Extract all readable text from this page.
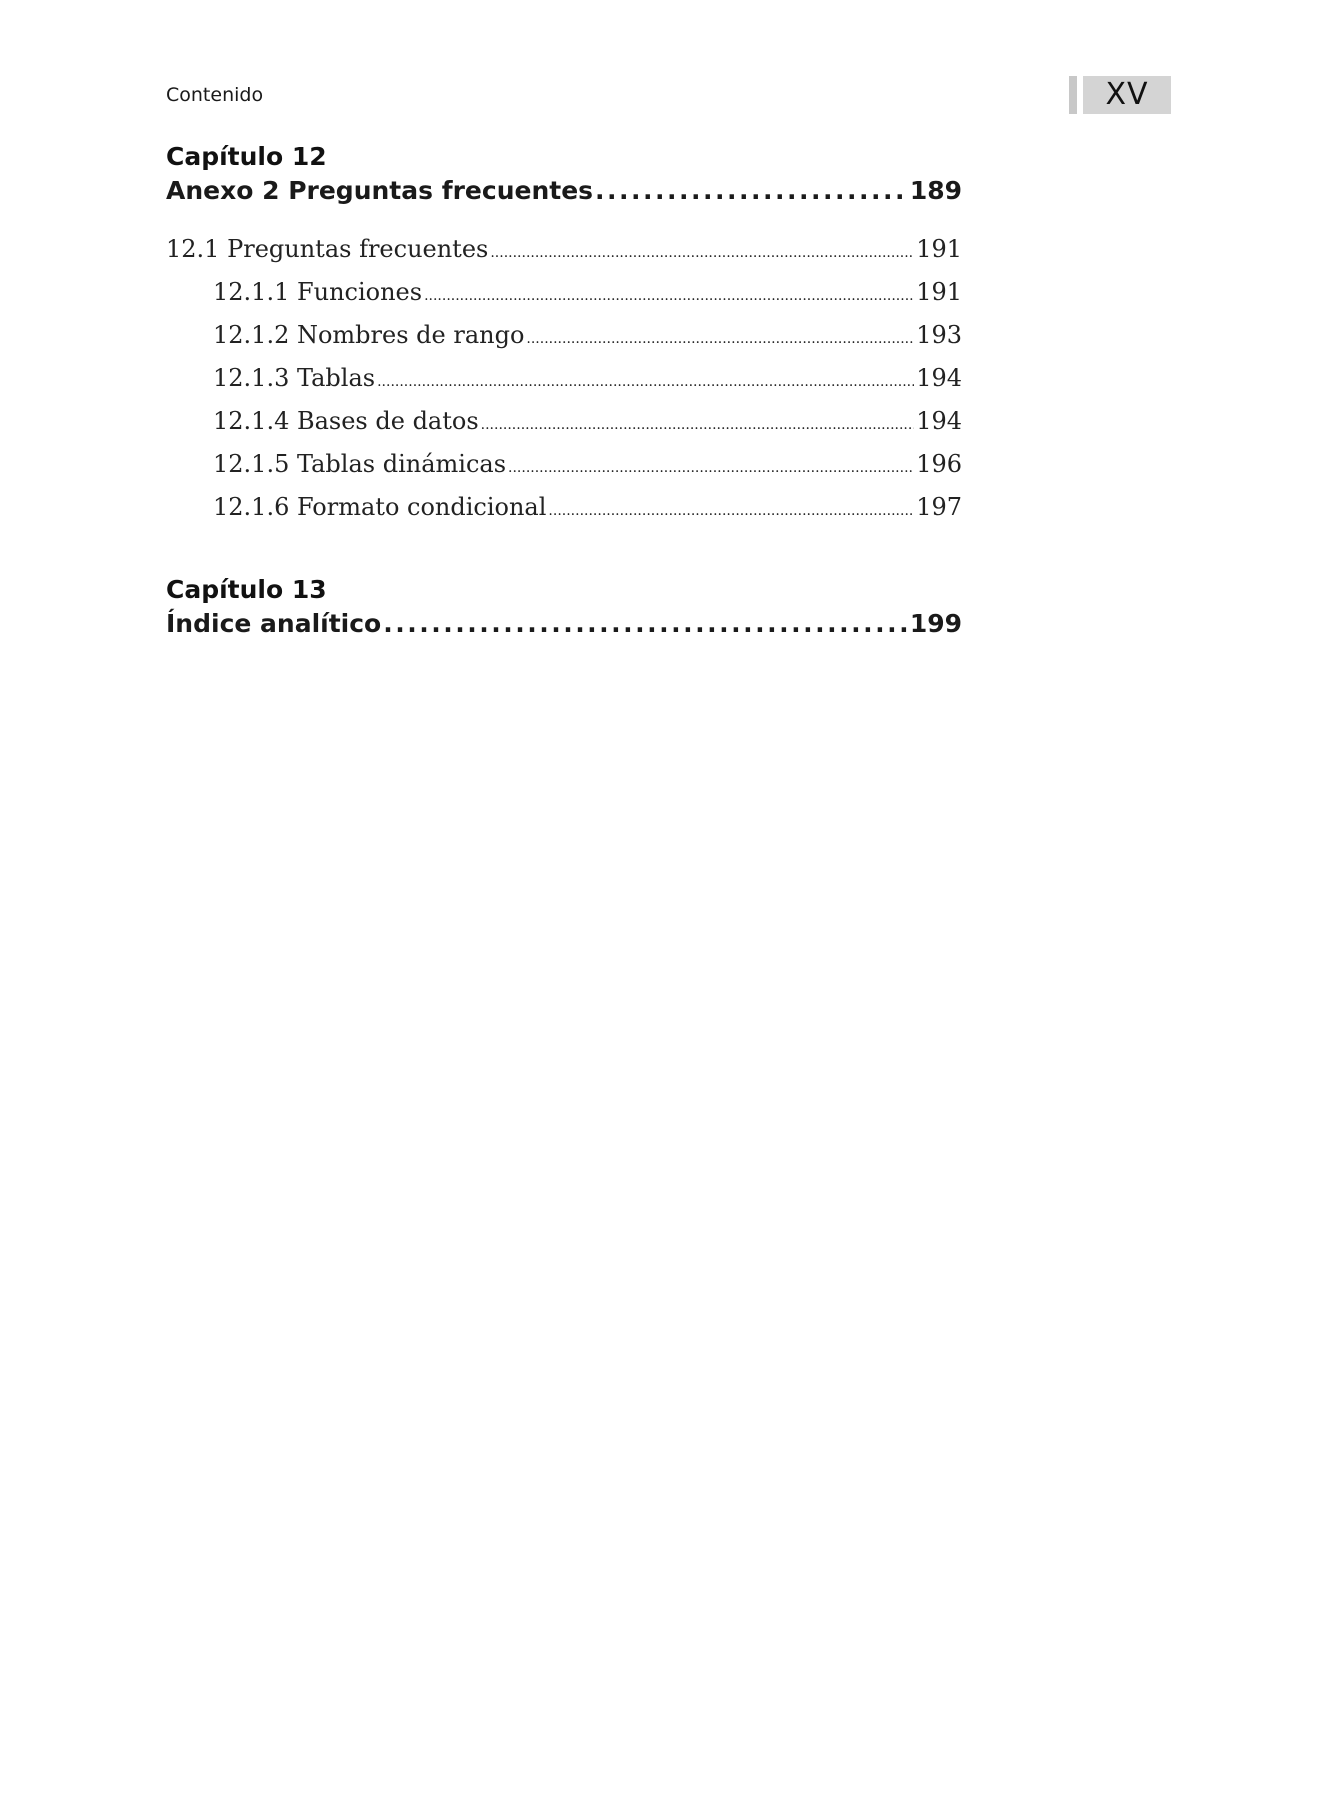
Contenido	XV
Capítulo 12
Anexo 2 Preguntas frecuentes .....	189
12.1 Preguntas frecuentes .....	191
12.1.1 Funciones .....	191
12.1.2 Nombres de rango .....	193
12.1.3 Tablas .....	194
12.1.4 Bases de datos .....	194
12.1.5 Tablas dinámicas .....	196
12.1.6 Formato condicional .....	197
Capítulo 13
Índice analítico .....	199
